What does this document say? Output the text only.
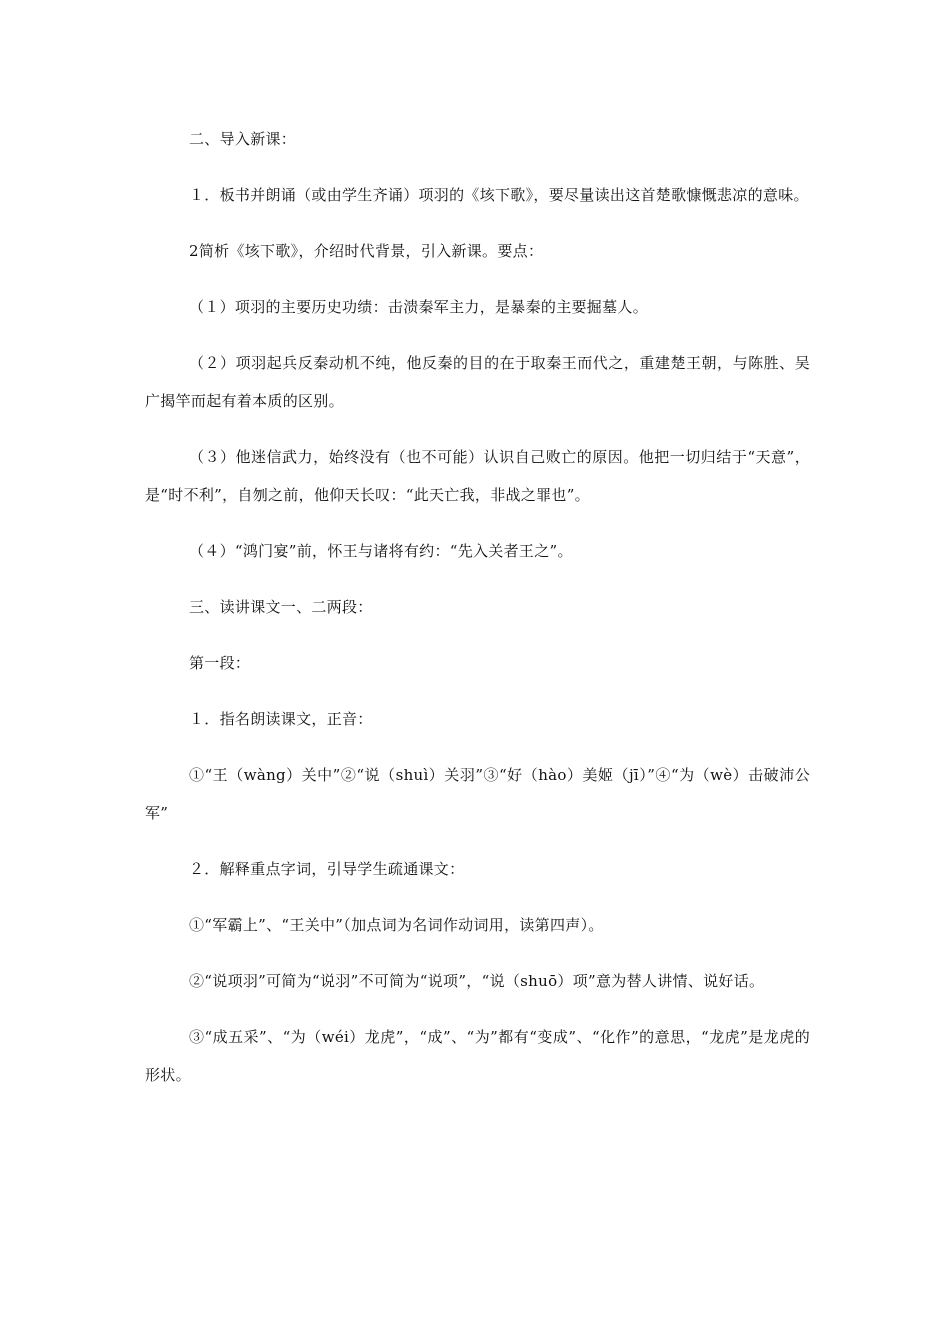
二、导入新课：

１．板书并朗诵（或由学生齐诵）项羽的《垓下歌》，要尽量读出这首楚歌慷慨悲凉的意味。

2简析《垓下歌》，介绍时代背景，引入新课。要点：

（１）项羽的主要历史功绩：击溃秦军主力，是暴秦的主要掘墓人。

（２）项羽起兵反秦动机不纯，他反秦的目的在于取秦王而代之，重建楚王朝，与陈胜、吴广揭竿而起有着本质的区别。

（３）他迷信武力，始终没有（也不可能）认识自己败亡的原因。他把一切归结于“天意”，是“时不利”，自刎之前，他仰天长叹：“此天亡我，非战之罪也”。

（４）“鸿门宴”前，怀王与诸将有约：“先入关者王之”。

三、读讲课文一、二两段：

第一段：

１．指名朗读课文，正音：

①“王（wàng）关中”②“说（shuì）关羽”③“好（hào）美姬（jī）”④“为（wè）击破沛公军”

２．解释重点字词，引导学生疏通课文：

①“军霸上”、“王关中”（加点词为名词作动词用，读第四声）。

②“说项羽”可简为“说羽”不可简为“说项”，“说（shuō）项”意为替人讲情、说好话。

③“成五采”、“为（wéi）龙虎”，“成”、“为”都有“变成”、“化作”的意思，“龙虎”是龙虎的形状。
